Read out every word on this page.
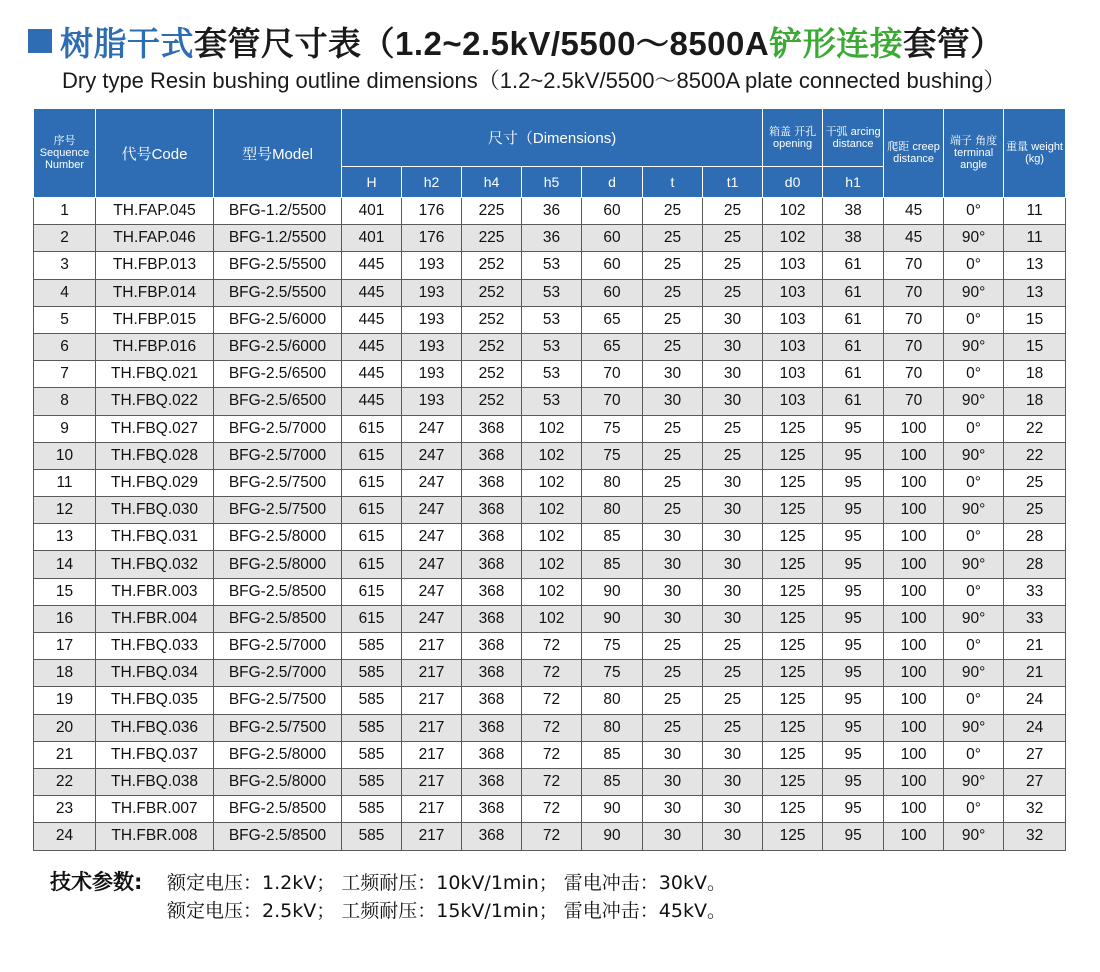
树脂干式套管尺寸表（1.2~2.5kV/5500～8500A铲形连接套管）
Dry type Resin bushing outline dimensions（1.2~2.5kV/5500～8500A plate connected bushing）
序号 Sequence Number	代号Code	型号Model	尺寸（Dimensions)							箱盖 开孔 opening	干弧 arcing distance	爬距 creep distance	端子 角度 terminal angle	重量 weight (kg)
			H	h2	h4	h5	d	t	t1	d0	h1			
1	TH.FAP.045	BFG-1.2/5500	401	176	225	36	60	25	25	102	38	45	0°	11
2	TH.FAP.046	BFG-1.2/5500	401	176	225	36	60	25	25	102	38	45	90°	11
3	TH.FBP.013	BFG-2.5/5500	445	193	252	53	60	25	25	103	61	70	0°	13
4	TH.FBP.014	BFG-2.5/5500	445	193	252	53	60	25	25	103	61	70	90°	13
5	TH.FBP.015	BFG-2.5/6000	445	193	252	53	65	25	30	103	61	70	0°	15
6	TH.FBP.016	BFG-2.5/6000	445	193	252	53	65	25	30	103	61	70	90°	15
7	TH.FBQ.021	BFG-2.5/6500	445	193	252	53	70	30	30	103	61	70	0°	18
8	TH.FBQ.022	BFG-2.5/6500	445	193	252	53	70	30	30	103	61	70	90°	18
9	TH.FBQ.027	BFG-2.5/7000	615	247	368	102	75	25	25	125	95	100	0°	22
10	TH.FBQ.028	BFG-2.5/7000	615	247	368	102	75	25	25	125	95	100	90°	22
11	TH.FBQ.029	BFG-2.5/7500	615	247	368	102	80	25	30	125	95	100	0°	25
12	TH.FBQ.030	BFG-2.5/7500	615	247	368	102	80	25	30	125	95	100	90°	25
13	TH.FBQ.031	BFG-2.5/8000	615	247	368	102	85	30	30	125	95	100	0°	28
14	TH.FBQ.032	BFG-2.5/8000	615	247	368	102	85	30	30	125	95	100	90°	28
15	TH.FBR.003	BFG-2.5/8500	615	247	368	102	90	30	30	125	95	100	0°	33
16	TH.FBR.004	BFG-2.5/8500	615	247	368	102	90	30	30	125	95	100	90°	33
17	TH.FBQ.033	BFG-2.5/7000	585	217	368	72	75	25	25	125	95	100	0°	21
18	TH.FBQ.034	BFG-2.5/7000	585	217	368	72	75	25	25	125	95	100	90°	21
19	TH.FBQ.035	BFG-2.5/7500	585	217	368	72	80	25	25	125	95	100	0°	24
20	TH.FBQ.036	BFG-2.5/7500	585	217	368	72	80	25	25	125	95	100	90°	24
21	TH.FBQ.037	BFG-2.5/8000	585	217	368	72	85	30	30	125	95	100	0°	27
22	TH.FBQ.038	BFG-2.5/8000	585	217	368	72	85	30	30	125	95	100	90°	27
23	TH.FBR.007	BFG-2.5/8500	585	217	368	72	90	30	30	125	95	100	0°	32
24	TH.FBR.008	BFG-2.5/8500	585	217	368	72	90	30	30	125	95	100	90°	32
技术参数: 额定电压：1.2kV； 工频耐压：10kV/1min； 雷电冲击：30kV。
额定电压：2.5kV； 工频耐压：15kV/1min； 雷电冲击：45kV。
